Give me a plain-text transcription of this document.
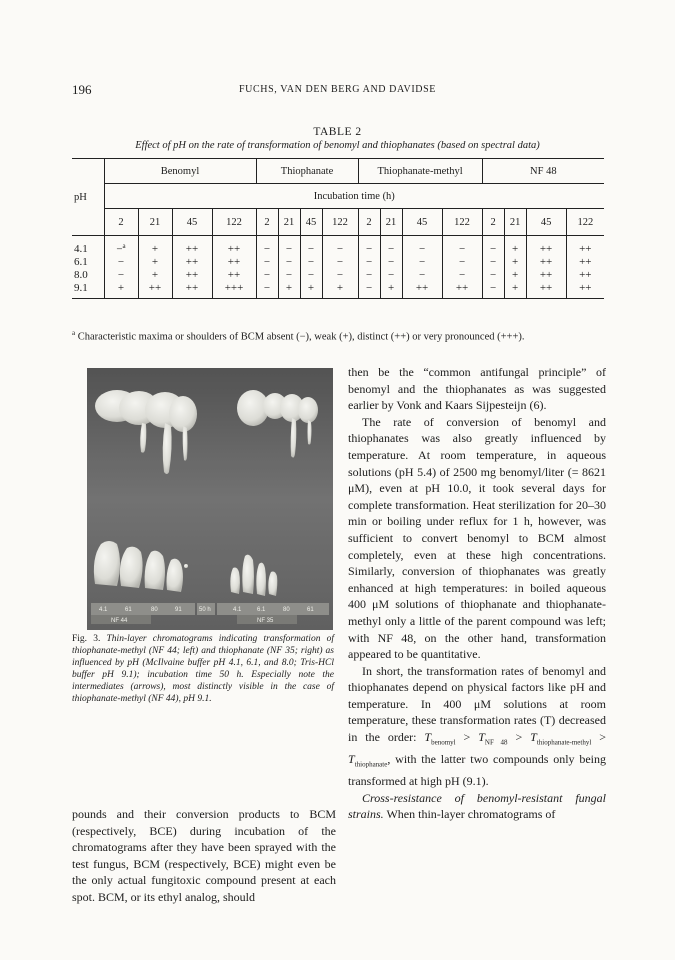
196	FUCHS, VAN DEN BERG AND DAVIDSE
TABLE 2
Effect of pH on the rate of transformation of benomyl and thiophanates (based on spectral data)
pH	Benomyl				Thiophanate				Thiophanate-methyl				NF 48			
	Incubation time (h)															
	2	21	45	122	2	21	45	122	2	21	45	122	2	21	45	122
4.1	−$^a$	+	++	++	−	−	−	−	−	−	−	−	−	+	++	++
6.1	−	+	++	++	−	−	−	−	−	−	−	−	−	+	++	++
8.0	−	+	++	++	−	−	−	−	−	−	−	−	−	+	++	++
9.1	+	++	++	+++	−	+	+	+	−	+	++	++	−	+	++	++
$^a$ Characteristic maxima or shoulders of BCM absent (−), weak (+), distinct (++) or very pronounced (+++).
4.1	61	80	91	50 h	4.1	6.1	80	61
NF 44	NF 35
Fig. 3. Thin-layer chromatograms indicating transformation of thiophanate-methyl (NF 44; left) and thiophanate (NF 35; right) as influenced by pH (McIlvaine buffer pH 4.1, 6.1, and 8.0; Tris-HCl buffer pH 9.1); incubation time 50 h. Especially note the intermediates (arrows), most distinctly visible in the case of thiophanate-methyl (NF 44), pH 9.1.
pounds and their conversion products to BCM (respectively, BCE) during incubation of the chromatograms after they have been sprayed with the test fungus, BCM (respectively, BCE) might even be the only actual fungitoxic compound present at each spot. BCM, or its ethyl analog, should

then be the “common antifungal principle” of benomyl and the thiophanates as was suggested earlier by Vonk and Kaars Sijpesteijn (6).

The rate of conversion of benomyl and thiophanates was also greatly influenced by temperature. At room temperature, in aqueous solutions (pH 5.4) of 2500 mg benomyl/liter (= 8621 μM), even at pH 10.0, it took several days for complete transformation. Heat sterilization for 20–30 min or boiling under reflux for 1 h, however, was sufficient to convert benomyl to BCM almost completely, even at these high concentrations. Similarly, conversion of thiophanates was greatly enhanced at high temperatures: in boiled aqueous 400 μM solutions of thiophanate and thiophanate-methyl only a little of the parent compound was left; with NF 48, on the other hand, transformation appeared to be quantitative.

In short, the transformation rates of benomyl and thiophanates depend on physical factors like pH and temperature. In 400 μM solutions at room temperature, these transformation rates (T) decreased in the order: $T_{benomyl} > T_{NF 48} > T_{thiophanate-methyl} > T_{thiophanate}$, with the latter two compounds only being transformed at high pH (9.1).

Cross-resistance of benomyl-resistant fungal strains. When thin-layer chromatograms of
